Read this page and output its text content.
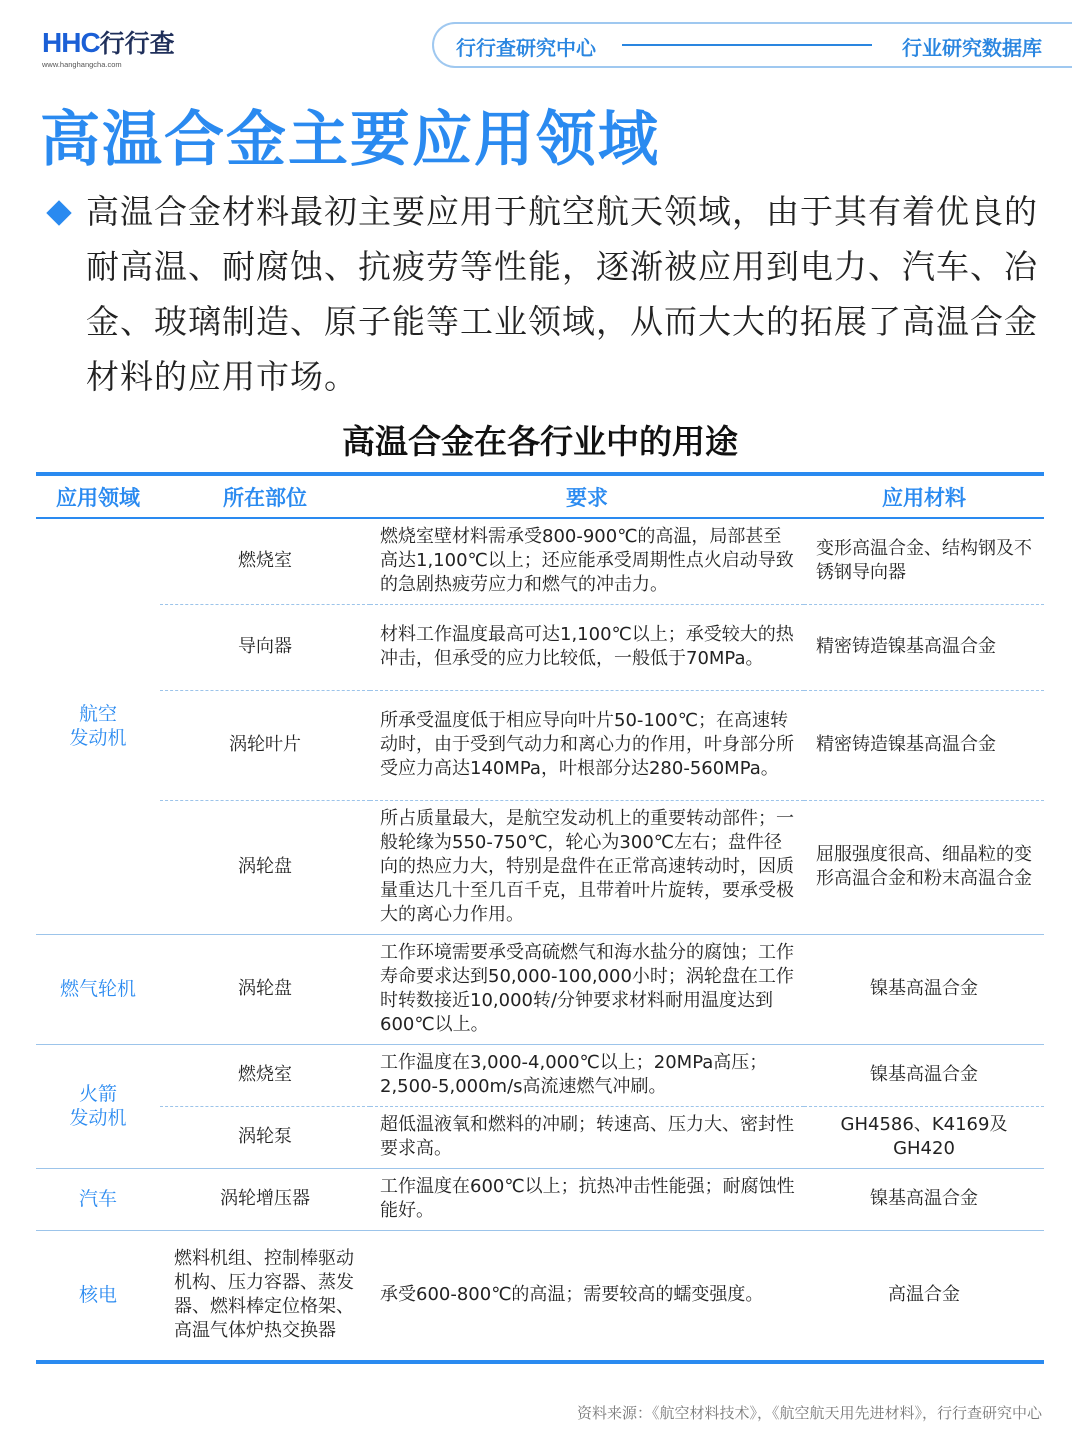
HHC行行查
www.hanghangcha.com
行行查研究中心	行业研究数据库
高温合金主要应用领域
高温合金材料最初主要应用于航空航天领域，由于其有着优良的耐高温、耐腐蚀、抗疲劳等性能，逐渐被应用到电力、汽车、冶金、玻璃制造、原子能等工业领域，从而大大的拓展了高温合金材料的应用市场。
高温合金在各行业中的用途
应用领域	所在部位	要求	应用材料
航空
发动机	燃烧室	燃烧室壁材料需承受800-900℃的高温，局部甚至高达1,100℃以上；还应能承受周期性点火启动导致的急剧热疲劳应力和燃气的冲击力。	变形高温合金、结构钢及不锈钢导向器
	导向器	材料工作温度最高可达1,100℃以上；承受较大的热冲击，但承受的应力比较低，一般低于70MPa。	精密铸造镍基高温合金
	涡轮叶片	所承受温度低于相应导向叶片50-100℃；在高速转动时，由于受到气动力和离心力的作用，叶身部分所受应力高达140MPa，叶根部分达280-560MPa。	精密铸造镍基高温合金
	涡轮盘	所占质量最大，是航空发动机上的重要转动部件；一般轮缘为550-750℃，轮心为300℃左右；盘件径向的热应力大，特别是盘件在正常高速转动时，因质量重达几十至几百千克，且带着叶片旋转，要承受极大的离心力作用。	屈服强度很高、细晶粒的变形高温合金和粉末高温合金
燃气轮机	涡轮盘	工作环境需要承受高硫燃气和海水盐分的腐蚀；工作寿命要求达到50,000-100,000小时；涡轮盘在工作时转数接近10,000转/分钟要求材料耐用温度达到600℃以上。	镍基高温合金
火箭
发动机	燃烧室	工作温度在3,000-4,000℃以上；20MPa高压；2,500-5,000m/s高流速燃气冲刷。	镍基高温合金
	涡轮泵	超低温液氧和燃料的冲刷；转速高、压力大、密封性要求高。	GH4586、K4169及GH420
汽车	涡轮增压器	工作温度在600℃以上；抗热冲击性能强；耐腐蚀性能好。	镍基高温合金
核电	燃料机组、控制棒驱动机构、压力容器、蒸发器、燃料棒定位格架、高温气体炉热交换器	承受600-800℃的高温；需要较高的蠕变强度。	高温合金
资料来源：《航空材料技术》，《航空航天用先进材料》，行行查研究中心
